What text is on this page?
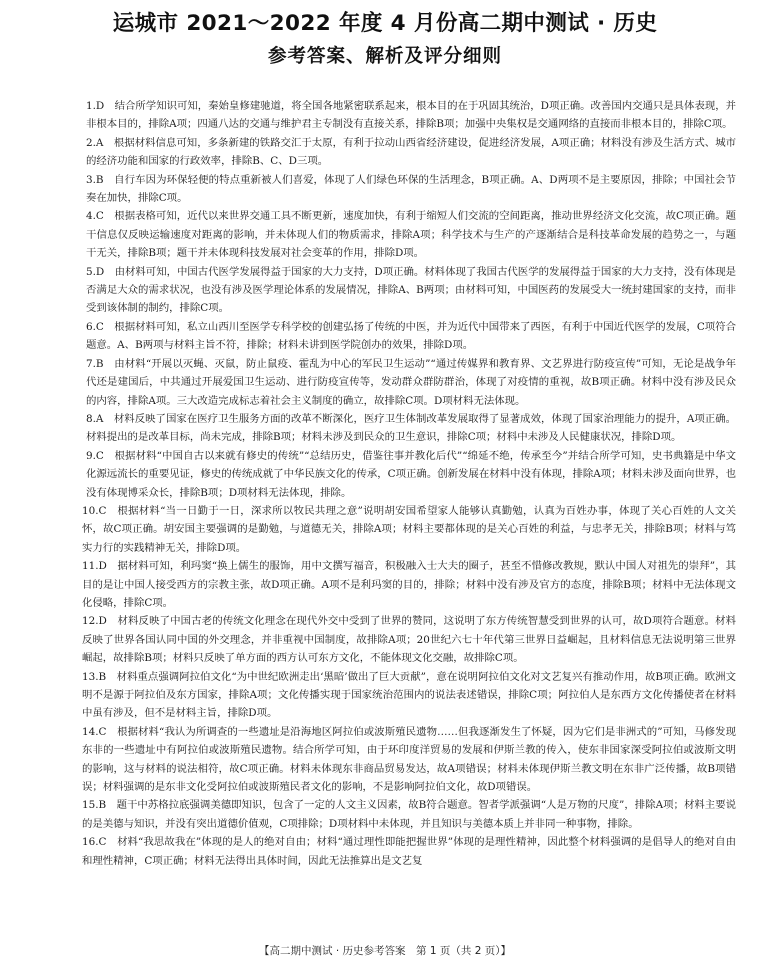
运城市 2021～2022 年度 4 月份高二期中测试 · 历史
参考答案、解析及评分细则

1.D　 结合所学知识可知，秦始皇修建驰道，将全国各地紧密联系起来，根本目的在于巩固其统治，D项正确。改善国内交通只是具体表现，并非根本目的，排除A项；四通八达的交通与维护君主专制没有直接关系，排除B项；加强中央集权是交通网络的直接而非根本目的，排除C项。

2.A　 根据材料信息可知，多条新建的铁路交汇于太原，有利于拉动山西省经济建设，促进经济发展，A项正确；材料没有涉及生活方式、城市的经济功能和国家的行政效率，排除B、C、D三项。

3.B　 自行车因为环保轻便的特点重新被人们喜爱，体现了人们绿色环保的生活理念，B项正确。A、D两项不是主要原因，排除；中国社会节奏在加快，排除C项。

4.C　 根据表格可知，近代以来世界交通工具不断更新，速度加快，有利于缩短人们交流的空间距离，推动世界经济文化交流，故C项正确。题干信息仅反映运输速度对距离的影响，并未体现人们的物质需求，排除A项；科学技术与生产的产逐渐结合是科技革命发展的趋势之一，与题干无关，排除B项；题干并未体现科技发展对社会变革的作用，排除D项。

5.D　 由材料可知，中国古代医学发展得益于国家的大力支持，D项正确。材料体现了我国古代医学的发展得益于国家的大力支持，没有体现是否满足大众的需求状况，也没有涉及医学理论体系的发展情况，排除A、B两项；由材料可知，中国医药的发展受大一统封建国家的支持，而非受到该体制的制约，排除C项。

6.C　 根据材料可知，私立山西川至医学专科学校的创建弘扬了传统的中医，并为近代中国带来了西医，有利于中国近代医学的发展，C项符合题意。A、B两项与材料主旨不符，排除；材料未讲到医学院创办的效果，排除D项。

7.B　 由材料“开展以灭蝇、灭鼠，防止鼠疫、霍乱为中心的军民卫生运动”“通过传媒界和教育界、文艺界进行防疫宣传”可知，无论是战争年代还是建国后，中共通过开展爱国卫生运动、进行防疫宣传等，发动群众群防群治，体现了对疫情的重视，故B项正确。材料中没有涉及民众的内容，排除A项。三大改造完成标志着社会主义制度的确立，故排除C项。D项材料无法体现。

8.A　 材料反映了国家在医疗卫生服务方面的改革不断深化，医疗卫生体制改革发展取得了显著成效，体现了国家治理能力的提升，A项正确。材料提出的是改革目标，尚未完成，排除B项；材料未涉及到民众的卫生意识，排除C项；材料中未涉及人民健康状况，排除D项。

9.C　 根据材料“中国自古以来就有修史的传统”“总结历史，借鉴往事并教化后代”“绵延不绝，传承至今”并结合所学可知，史书典籍是中华文化源远流长的重要见证，修史的传统成就了中华民族文化的传承，C项正确。创新发展在材料中没有体现，排除A项；材料未涉及面向世界，也没有体现博采众长，排除B项；D项材料无法体现，排除。

10.C　 根据材料“当一日勤于一日，深求所以牧民共理之意”说明胡安国希望家人能够认真勤勉，认真为百姓办事，体现了关心百姓的人文关怀，故C项正确。胡安国主要强调的是勤勉，与道德无关，排除A项；材料主要都体现的是关心百姓的利益，与忠孝无关，排除B项；材料与笃实力行的实践精神无关，排除D项。

11.D　 据材料可知，利玛窦“换上儒生的服饰，用中文撰写福音，积极融入士大夫的圈子，甚至不惜修改教规，默认中国人对祖先的崇拜”，其目的是让中国人接受西方的宗教主张，故D项正确。A项不是利玛窦的目的，排除；材料中没有涉及官方的态度，排除B项；材料中无法体现文化侵略，排除C项。

12.D　 材料反映了中国古老的传统文化理念在现代外交中受到了世界的赞同，这说明了东方传统智慧受到世界的认可，故D项符合题意。材料反映了世界各国认同中国的外交理念，并非重视中国制度，故排除A项；20世纪六七十年代第三世界日益崛起，且材料信息无法说明第三世界崛起，故排除B项；材料只反映了单方面的西方认可东方文化，不能体现文化交融，故排除C项。

13.B　 材料重点强调阿拉伯文化“为中世纪欧洲走出‘黑暗’做出了巨大贡献”，意在说明阿拉伯文化对文艺复兴有推动作用，故B项正确。欧洲文明不是源于阿拉伯及东方国家，排除A项；文化传播实现于国家统治范围内的说法表述错误，排除C项；阿拉伯人是东西方文化传播使者在材料中虽有涉及，但不是材料主旨，排除D项。

14.C　 根据材料“我认为所调查的一些遗址是沿海地区阿拉伯或波斯殖民遗物……但我逐渐发生了怀疑，因为它们是非洲式的”可知，马修发现东非的一些遗址中有阿拉伯或波斯殖民遗物。结合所学可知，由于环印度洋贸易的发展和伊斯兰教的传入，使东非国家深受阿拉伯或波斯文明的影响，这与材料的说法相符，故C项正确。材料未体现东非商品贸易发达，故A项错误；材料未体现伊斯兰教文明在东非广泛传播，故B项错误；材料强调的是东非文化受阿拉伯或波斯殖民者文化的影响，不是影响阿拉伯文化，故D项错误。

15.B　 题干中苏格拉底强调美德即知识，包含了一定的人文主义因素，故B符合题意。智者学派强调“人是万物的尺度”，排除A项；材料主要说的是美德与知识，并没有突出道德价值观，C项排除；D项材料中未体现，并且知识与美德本质上并非同一种事物，排除。

16.C　 材料“我思故我在”体现的是人的绝对自由；材料“通过理性即能把握世界”体现的是理性精神，因此整个材料强调的是倡导人的绝对自由和理性精神，C项正确；材料无法得出具体时间，因此无法推算出是文艺复

【高二期中测试 · 历史参考答案　第 1 页（共 2 页）】
